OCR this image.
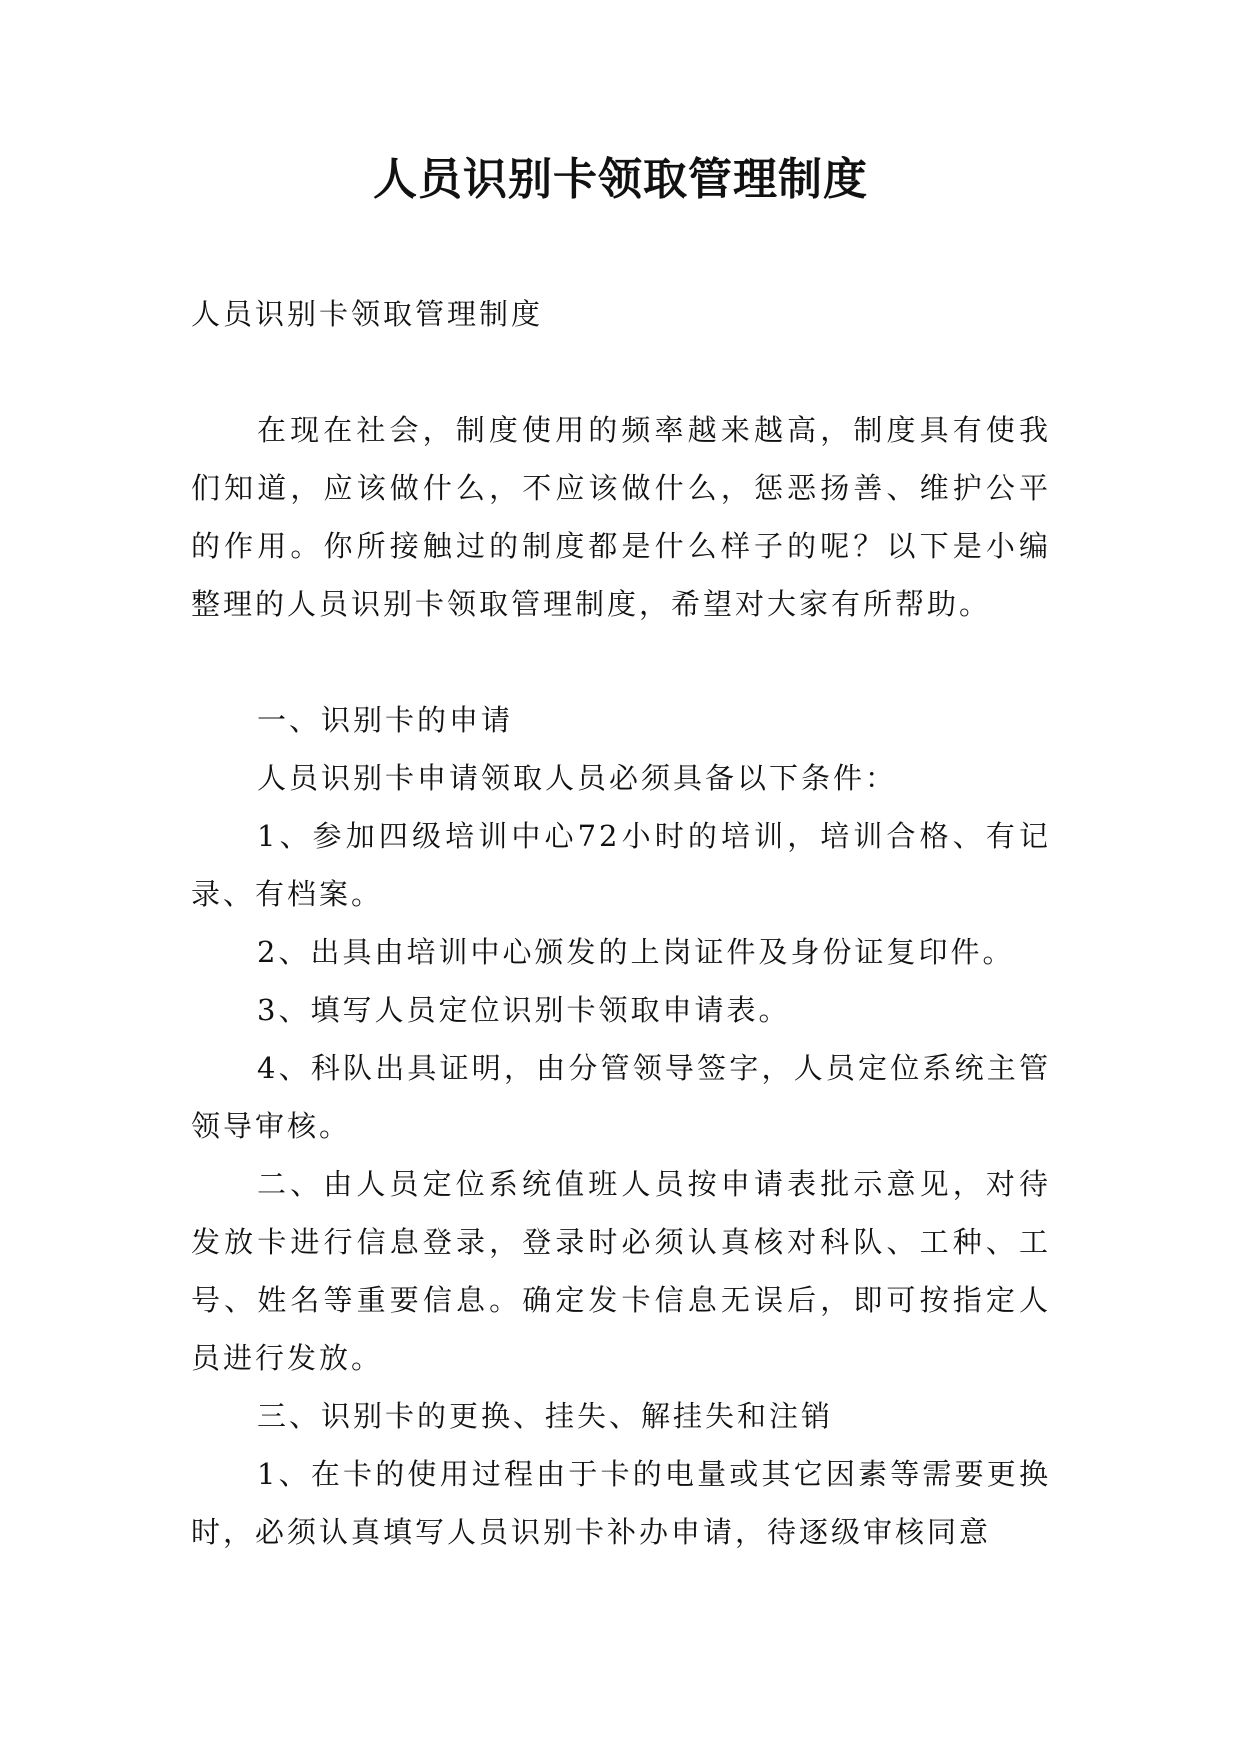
人员识别卡领取管理制度

人员识别卡领取管理制度

在现在社会，制度使用的频率越来越高，制度具有使我们知道，应该做什么，不应该做什么，惩恶扬善、维护公平的作用。你所接触过的制度都是什么样子的呢？以下是小编整理的人员识别卡领取管理制度，希望对大家有所帮助。

一、识别卡的申请

人员识别卡申请领取人员必须具备以下条件：

1、参加四级培训中心72小时的培训，培训合格、有记录、有档案。

2、出具由培训中心颁发的上岗证件及身份证复印件。

3、填写人员定位识别卡领取申请表。

4、科队出具证明，由分管领导签字，人员定位系统主管领导审核。

二、由人员定位系统值班人员按申请表批示意见，对待发放卡进行信息登录，登录时必须认真核对科队、工种、工号、姓名等重要信息。确定发卡信息无误后，即可按指定人员进行发放。

三、识别卡的更换、挂失、解挂失和注销

1、在卡的使用过程由于卡的电量或其它因素等需要更换时，必须认真填写人员识别卡补办申请，待逐级审核同意
